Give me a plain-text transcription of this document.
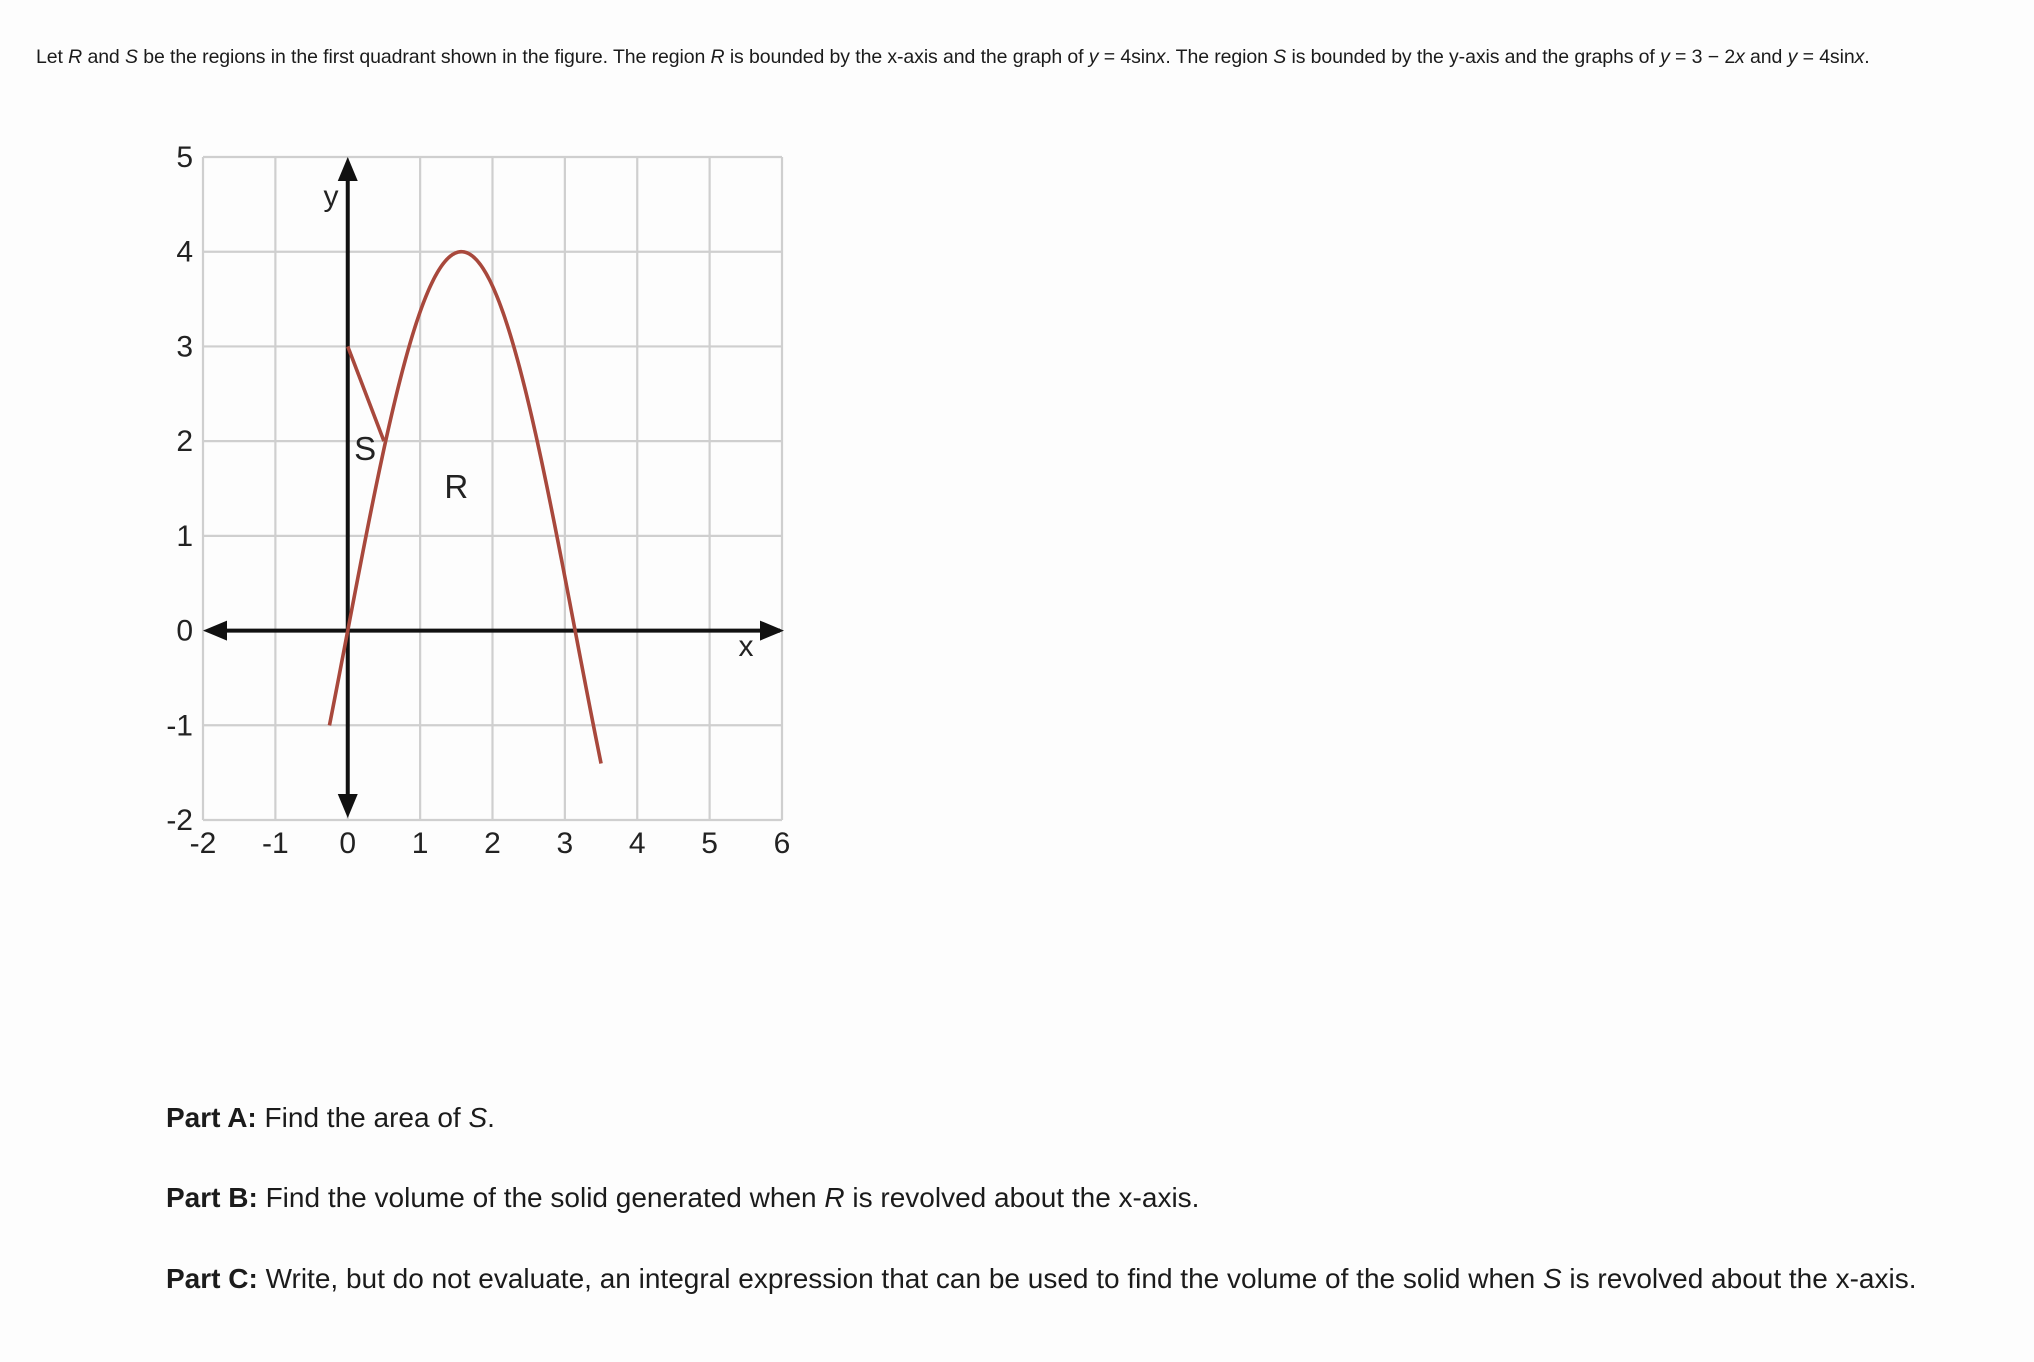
Let R and S be the regions in the first quadrant shown in the figure. The region R is bounded by the x-axis and the graph of y = 4sinx. The region S is bounded by the y-axis and the graphs of y = 3 − 2x and y = 4sinx.
-2 -1 0 1 2 3 4 5 6
5
4
3
2
1
0
-1
-2
x
y
S
R
Part A: Find the area of S.
Part B: Find the volume of the solid generated when R is revolved about the x-axis.
Part C: Write, but do not evaluate, an integral expression that can be used to find the volume of the solid when S is revolved about the x-axis.
